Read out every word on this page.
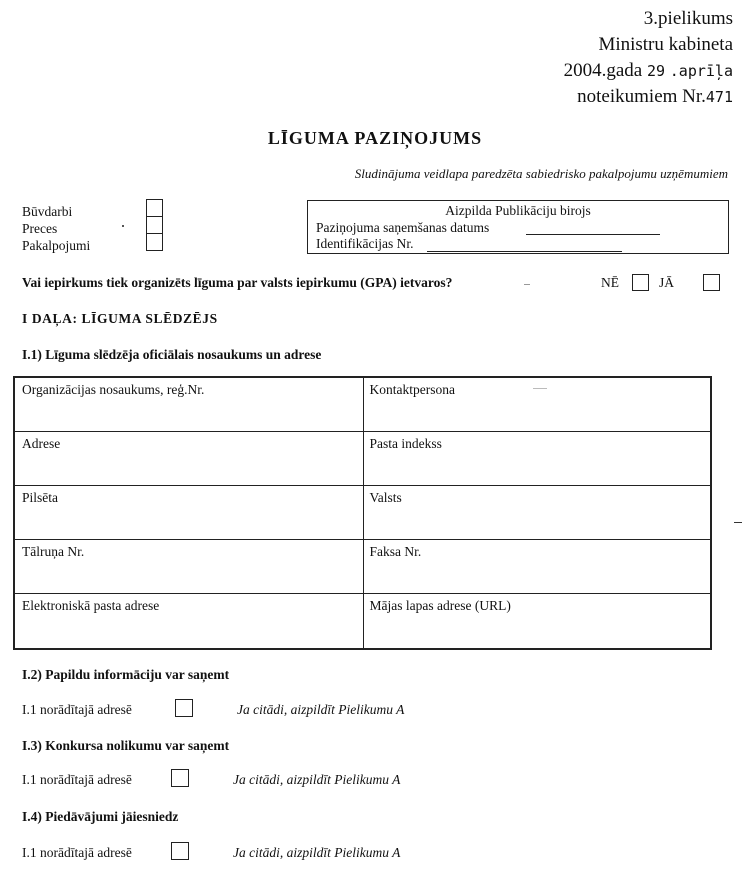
3.pielikums
Ministru kabineta
2004.gada 29 .aprīļa
noteikumiem Nr.471
LĪGUMA PAZIŅOJUMS
Sludinājuma veidlapa paredzēta sabiedrisko pakalpojumu uzņēmumiem
Būvdarbi
Preces
Pakalpojumi
Aizpilda Publikāciju birojs
Paziņojuma saņemšanas datums
Identifikācijas Nr.
Vai iepirkums tiek organizēts līguma par valsts iepirkumu (GPA) ietvaros?	NĒ	JĀ
I DAĻA: LĪGUMA SLĒDZĒJS
I.1) Līguma slēdzēja oficiālais nosaukums un adrese
Organizācijas nosaukums, reģ.Nr.	Kontaktpersona
Adrese	Pasta indekss
Pilsēta	Valsts
Tālruņa Nr.	Faksa Nr.
Elektroniskā pasta adrese	Mājas lapas adrese (URL)
I.2) Papildu informāciju var saņemt
I.1 norādītajā adresē	Ja citādi, aizpildīt Pielikumu A
I.3) Konkursa nolikumu var saņemt
I.1 norādītajā adresē	Ja citādi, aizpildīt Pielikumu A
I.4) Piedāvājumi jāiesniedz
I.1 norādītajā adresē	Ja citādi, aizpildīt Pielikumu A
